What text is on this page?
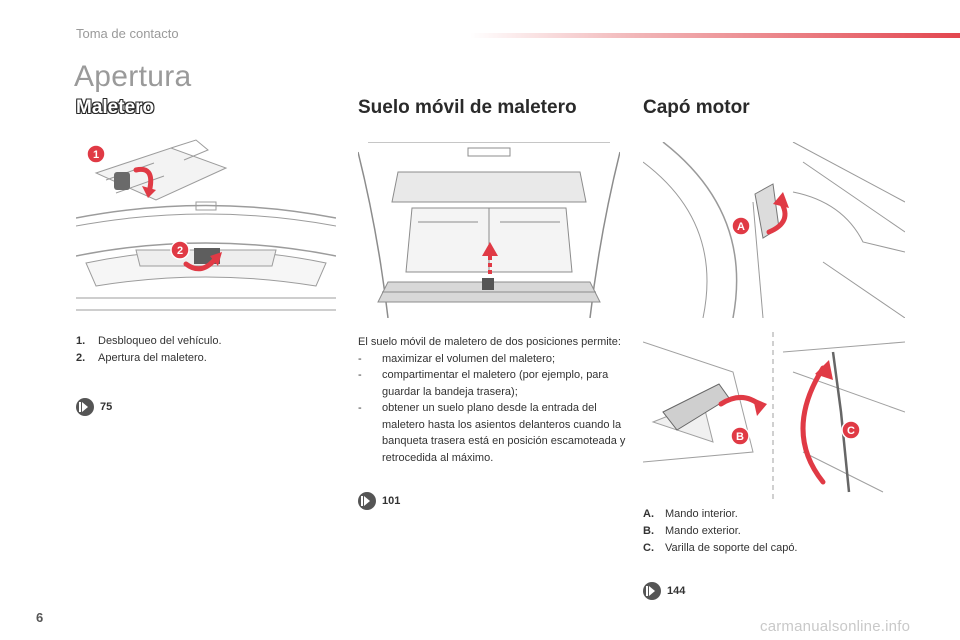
Toma de contacto
Apertura
Maletero	Suelo móvil de maletero	Capó motor
1
2
A
B	C
1.	Desbloqueo del vehículo.
2.	Apertura del maletero.
75
El suelo móvil de maletero de dos posiciones permite:
-	maximizar el volumen del maletero;
-	compartimentar el maletero (por ejemplo, para guardar la bandeja trasera);
-	obtener un suelo plano desde la entrada del maletero hasta los asientos delanteros cuando la banqueta trasera está en posición escamoteada y retrocedida al máximo.
101
A.	Mando interior.
B.	Mando exterior.
C.	Varilla de soporte del capó.
144
6
carmanualsonline.info
